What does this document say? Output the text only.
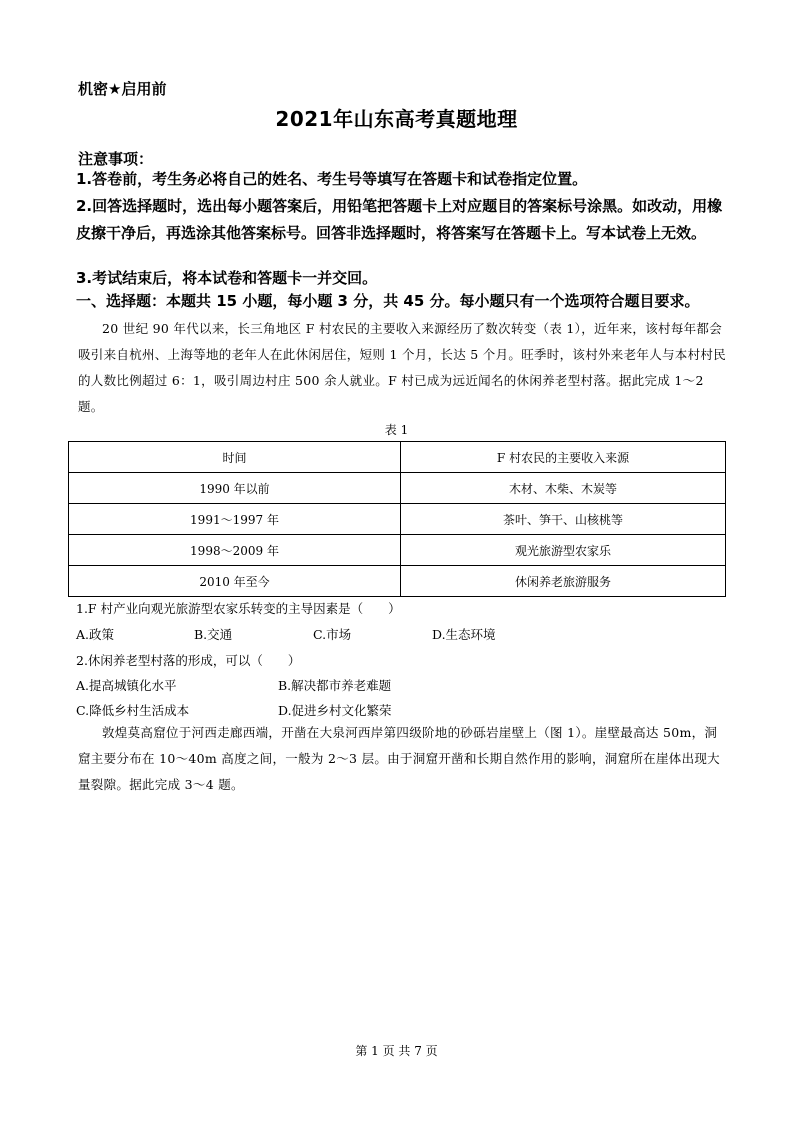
机密★启用前
2021年山东高考真题地理
注意事项：
1.答卷前，考生务必将自己的姓名、考生号等填写在答题卡和试卷指定位置。
2.回答选择题时，选出每小题答案后，用铅笔把答题卡上对应题目的答案标号涂黑。如改动，用橡皮擦干净后，再选涂其他答案标号。回答非选择题时，将答案写在答题卡上。写本试卷上无效。
3.考试结束后，将本试卷和答题卡一并交回。
一、选择题：本题共 15 小题，每小题 3 分，共 45 分。每小题只有一个选项符合题目要求。
20 世纪 90 年代以来，长三角地区 F 村农民的主要收入来源经历了数次转变（表 1），近年来，该村每年都会吸引来自杭州、上海等地的老年人在此休闲居住，短则 1 个月，长达 5 个月。旺季时，该村外来老年人与本村村民的人数比例超过 6：1，吸引周边村庄 500 余人就业。F 村已成为远近闻名的休闲养老型村落。据此完成 1～2 题。
表 1
时间	F 村农民的主要收入来源
1990 年以前	木材、木柴、木炭等
1991～1997 年	茶叶、笋干、山核桃等
1998～2009 年	观光旅游型农家乐
2010 年至今	休闲养老旅游服务
1.F 村产业向观光旅游型农家乐转变的主导因素是（　　）
A.政策	B.交通	C.市场	D.生态环境
2.休闲养老型村落的形成，可以（　　）
A.提高城镇化水平	B.解决都市养老难题
C.降低乡村生活成本	D.促进乡村文化繁荣
敦煌莫高窟位于河西走廊西端，开凿在大泉河西岸第四级阶地的砂砾岩崖壁上（图 1）。崖壁最高达 50m，洞窟主要分布在 10～40m 高度之间，一般为 2～3 层。由于洞窟开凿和长期自然作用的影响，洞窟所在崖体出现大量裂隙。据此完成 3～4 题。
第 1 页 共 7 页
